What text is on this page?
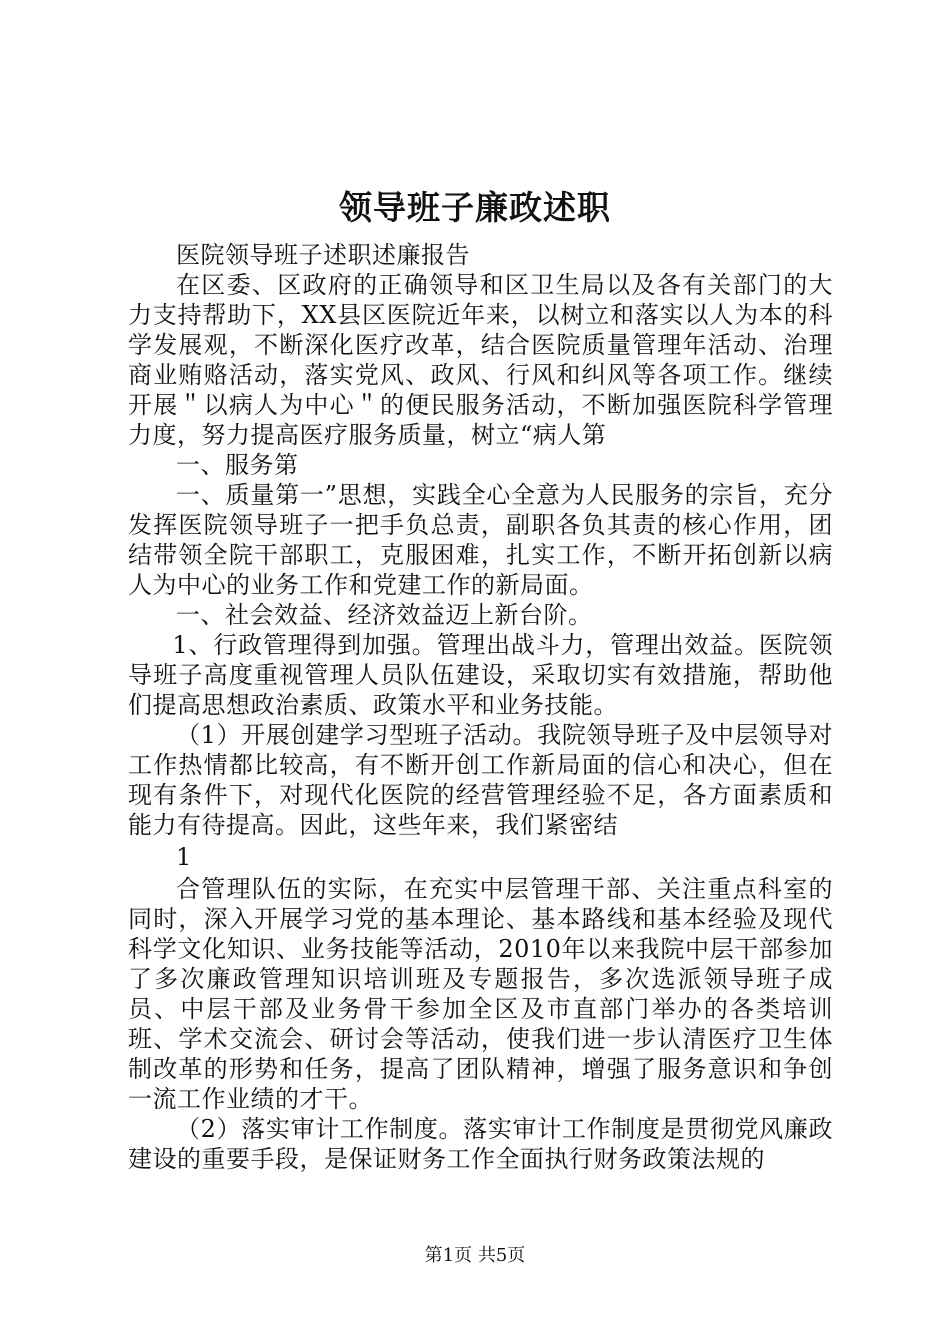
领导班子廉政述职

医院领导班子述职述廉报告

在区委、区政府的正确领导和区卫生局以及各有关部门的大力支持帮助下，XX县区医院近年来，以树立和落实以人为本的科学发展观，不断深化医疗改革，结合医院质量管理年活动、治理商业贿赂活动，落实党风、政风、行风和纠风等各项工作。继续开展＂以病人为中心＂的便民服务活动，不断加强医院科学管理力度，努力提高医疗服务质量，树立“病人第

一、服务第

一、质量第一”思想，实践全心全意为人民服务的宗旨，充分发挥医院领导班子一把手负总责，副职各负其责的核心作用，团结带领全院干部职工，克服困难，扎实工作，不断开拓创新以病人为中心的业务工作和党建工作的新局面。

一、社会效益、经济效益迈上新台阶。

1、行政管理得到加强。管理出战斗力，管理出效益。医院领导班子高度重视管理人员队伍建设，采取切实有效措施，帮助他们提高思想政治素质、政策水平和业务技能。

（1）开展创建学习型班子活动。我院领导班子及中层领导对工作热情都比较高，有不断开创工作新局面的信心和决心，但在现有条件下，对现代化医院的经营管理经验不足，各方面素质和能力有待提高。因此，这些年来，我们紧密结

1

合管理队伍的实际，在充实中层管理干部、关注重点科室的同时，深入开展学习党的基本理论、基本路线和基本经验及现代科学文化知识、业务技能等活动，2010年以来我院中层干部参加了多次廉政管理知识培训班及专题报告，多次选派领导班子成员、中层干部及业务骨干参加全区及市直部门举办的各类培训班、学术交流会、研讨会等活动，使我们进一步认清医疗卫生体制改革的形势和任务，提高了团队精神，增强了服务意识和争创一流工作业绩的才干。

（2）落实审计工作制度。落实审计工作制度是贯彻党风廉政建设的重要手段，是保证财务工作全面执行财务政策法规的

第1页 共5页
